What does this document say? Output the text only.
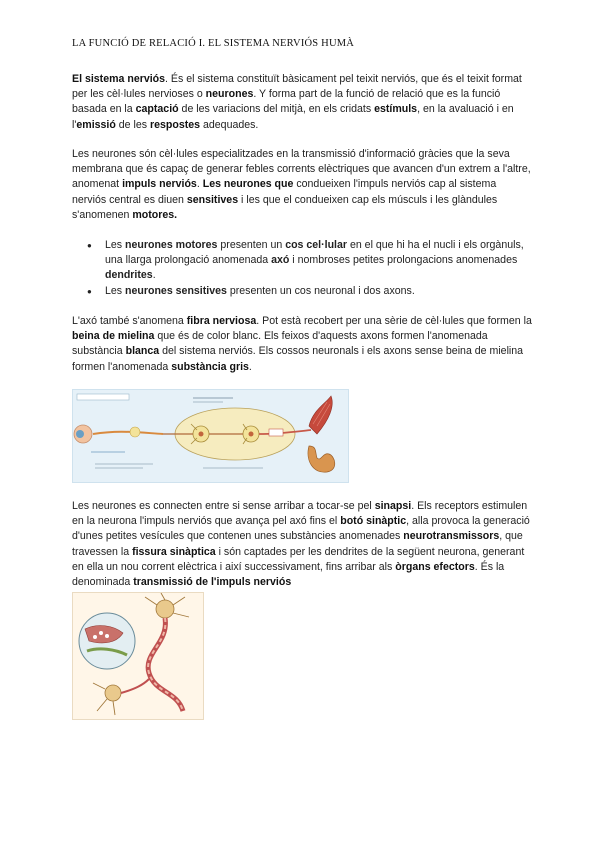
LA FUNCIÓ DE RELACIÓ I. EL SISTEMA NERVIÓS HUMÀ

El sistema nerviós. És el sistema constituït bàsicament pel teixit nerviós, que és el teixit format per les cèl·lules nervioses o neurones. Y forma part de la funció de relació que es la funció basada en la captació de les variacions del mitjà, en els cridats estímuls, en la avaluació i en l'emissió de les respostes adequades.

Les neurones són cèl·lules especialitzades en la transmissió d'informació gràcies que la seva membrana que és capaç de generar febles corrents elèctriques que avancen d'un extrem a l'altre, anomenat impuls nerviós. Les neurones que condueixen l'impuls nerviós cap al sistema nerviós central es diuen sensitives i les que el condueixen cap els músculs i les glàndules s'anomenen motores.

● Les neurones motores presenten un cos cel·lular en el que hi ha el nucli i els orgànuls, una llarga prolongació anomenada axó i nombroses petites prolongacions anomenades dendrites.
● Les neurones sensitives presenten un cos neuronal i dos axons.

L'axó també s'anomena fibra nerviosa. Pot està recobert per una sèrie de cèl·lules que formen la beina de mielina que és de color blanc. Els feixos d'aquests axons formen l'anomenada substància blanca del sistema nerviós. Els cossos neuronals i els axons sense beina de mielina formen l'anomenada substància gris.

Les neurones es connecten entre si sense arribar a tocar-se pel sinapsi. Els receptors estimulen en la neurona l'impuls nerviós que avança pel axó fins el botó sinàptic, alla provoca la generació d'unes petites vesícules que contenen unes substàncies anomenades neurotransmissors, que travessen la fissura sinàptica i són captades per les dendrites de la següent neurona, generant en ella un nou corrent elèctrica i així successivament, fins arribar als òrgans efectors. És la denominada transmissió de l'impuls nerviós
